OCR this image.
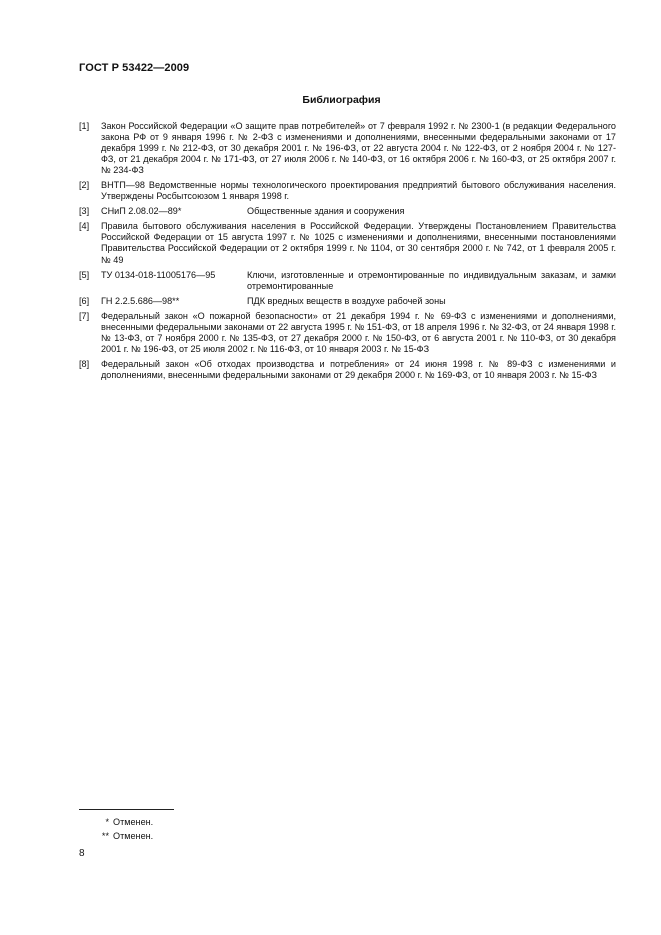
ГОСТ Р 53422—2009
Библиография
[1] Закон Российской Федерации «О защите прав потребителей» от 7 февраля 1992 г. № 2300-1 (в редакции Федерального закона РФ от 9 января 1996 г. № 2-ФЗ с изменениями и дополнениями, внесенными федеральными законами от 17 декабря 1999 г. № 212-ФЗ, от 30 декабря 2001 г. № 196-ФЗ, от 22 августа 2004 г. № 122-ФЗ, от 2 ноября 2004 г. № 127-ФЗ, от 21 декабря 2004 г. № 171-ФЗ, от 27 июля 2006 г. № 140-ФЗ, от 16 октября 2006 г. № 160-ФЗ, от 25 октября 2007 г. № 234-ФЗ
[2] ВНТП—98 Ведомственные нормы технологического проектирования предприятий бытового обслуживания населения. Утверждены Росбытсоюзом 1 января 1998 г.
[3] СНиП 2.08.02—89*	Общественные здания и сооружения
[4] Правила бытового обслуживания населения в Российской Федерации. Утверждены Постановлением Правительства Российской Федерации от 15 августа 1997 г. № 1025 с изменениями и дополнениями, внесенными постановлениями Правительства Российской Федерации от 2 октября 1999 г. № 1104, от 30 сентября 2000 г. № 742, от 1 февраля 2005 г. № 49
[5] ТУ 0134-018-11005176—95	Ключи, изготовленные и отремонтированные по индивидуальным заказам, и замки отремонтированные
[6] ГН 2.2.5.686—98**	ПДК вредных веществ в воздухе рабочей зоны
[7] Федеральный закон «О пожарной безопасности» от 21 декабря 1994 г. № 69-ФЗ с изменениями и дополнениями, внесенными федеральными законами от 22 августа 1995 г. № 151-ФЗ, от 18 апреля 1996 г. № 32-ФЗ, от 24 января 1998 г. № 13-ФЗ, от 7 ноября 2000 г. № 135-ФЗ, от 27 декабря 2000 г. № 150-ФЗ, от 6 августа 2001 г. № 110-ФЗ, от 30 декабря 2001 г. № 196-ФЗ, от 25 июля 2002 г. № 116-ФЗ, от 10 января 2003 г. № 15-ФЗ
[8] Федеральный закон «Об отходах производства и потребления» от 24 июня 1998 г. № 89-ФЗ с изменениями и дополнениями, внесенными федеральными законами от 29 декабря 2000 г. № 169-ФЗ, от 10 января 2003 г. № 15-ФЗ
* Отменен.
** Отменен.
8
